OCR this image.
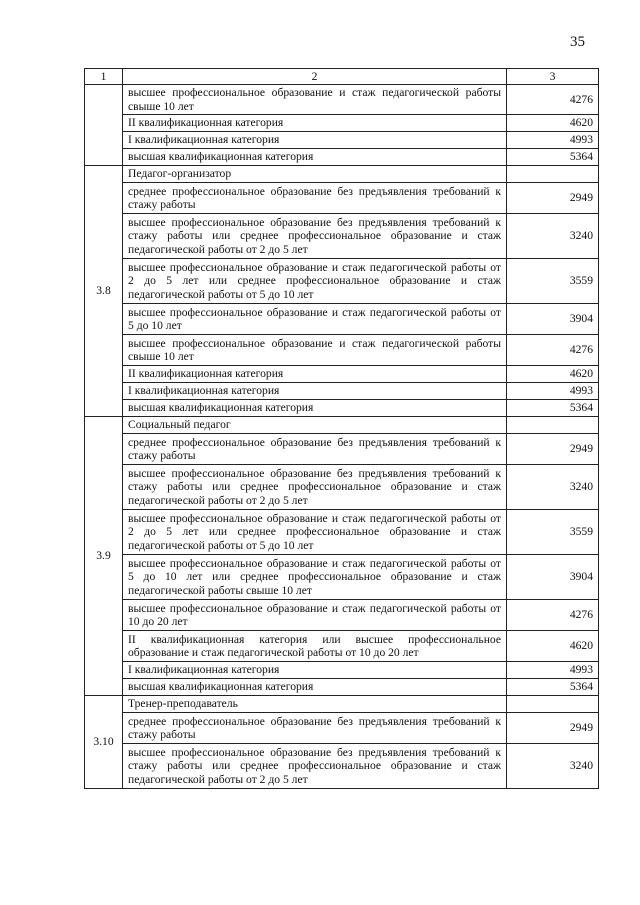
35
1	2	3
	высшее профессиональное образование и стаж педагогической работы свыше 10 лет	4276
	II квалификационная категория	4620
	I квалификационная категория	4993
	высшая квалификационная категория	5364
3.8	Педагог-организатор	
	среднее профессиональное образование без предъявления требований к стажу работы	2949
	высшее профессиональное образование без предъявления требований к стажу работы или среднее профессиональное образование и стаж педагогической работы от 2 до 5 лет	3240
	высшее профессиональное образование и стаж педагогической работы от 2 до 5 лет или среднее профессиональное образование и стаж педагогической работы от 5 до 10 лет	3559
	высшее профессиональное образование и стаж педагогической работы от 5 до 10 лет	3904
	высшее профессиональное образование и стаж педагогической работы свыше 10 лет	4276
	II квалификационная категория	4620
	I квалификационная категория	4993
	высшая квалификационная категория	5364
3.9	Социальный педагог	
	среднее профессиональное образование без предъявления требований к стажу работы	2949
	высшее профессиональное образование без предъявления требований к стажу работы или среднее профессиональное образование и стаж педагогической работы от 2 до 5 лет	3240
	высшее профессиональное образование и стаж педагогической работы от 2 до 5 лет или среднее профессиональное образование и стаж педагогической работы от 5 до 10 лет	3559
	высшее профессиональное образование и стаж педагогической работы от 5 до 10 лет или среднее профессиональное образование и стаж педагогической работы свыше 10 лет	3904
	высшее профессиональное образование и стаж педагогической работы от 10 до 20 лет	4276
	II квалификационная категория или высшее профессиональное образование и стаж педагогической работы от 10 до 20 лет	4620
	I квалификационная категория	4993
	высшая квалификационная категория	5364
3.10	Тренер-преподаватель	
	среднее профессиональное образование без предъявления требований к стажу работы	2949
	высшее профессиональное образование без предъявления требований к стажу работы или среднее профессиональное образование и стаж педагогической работы от 2 до 5 лет	3240
